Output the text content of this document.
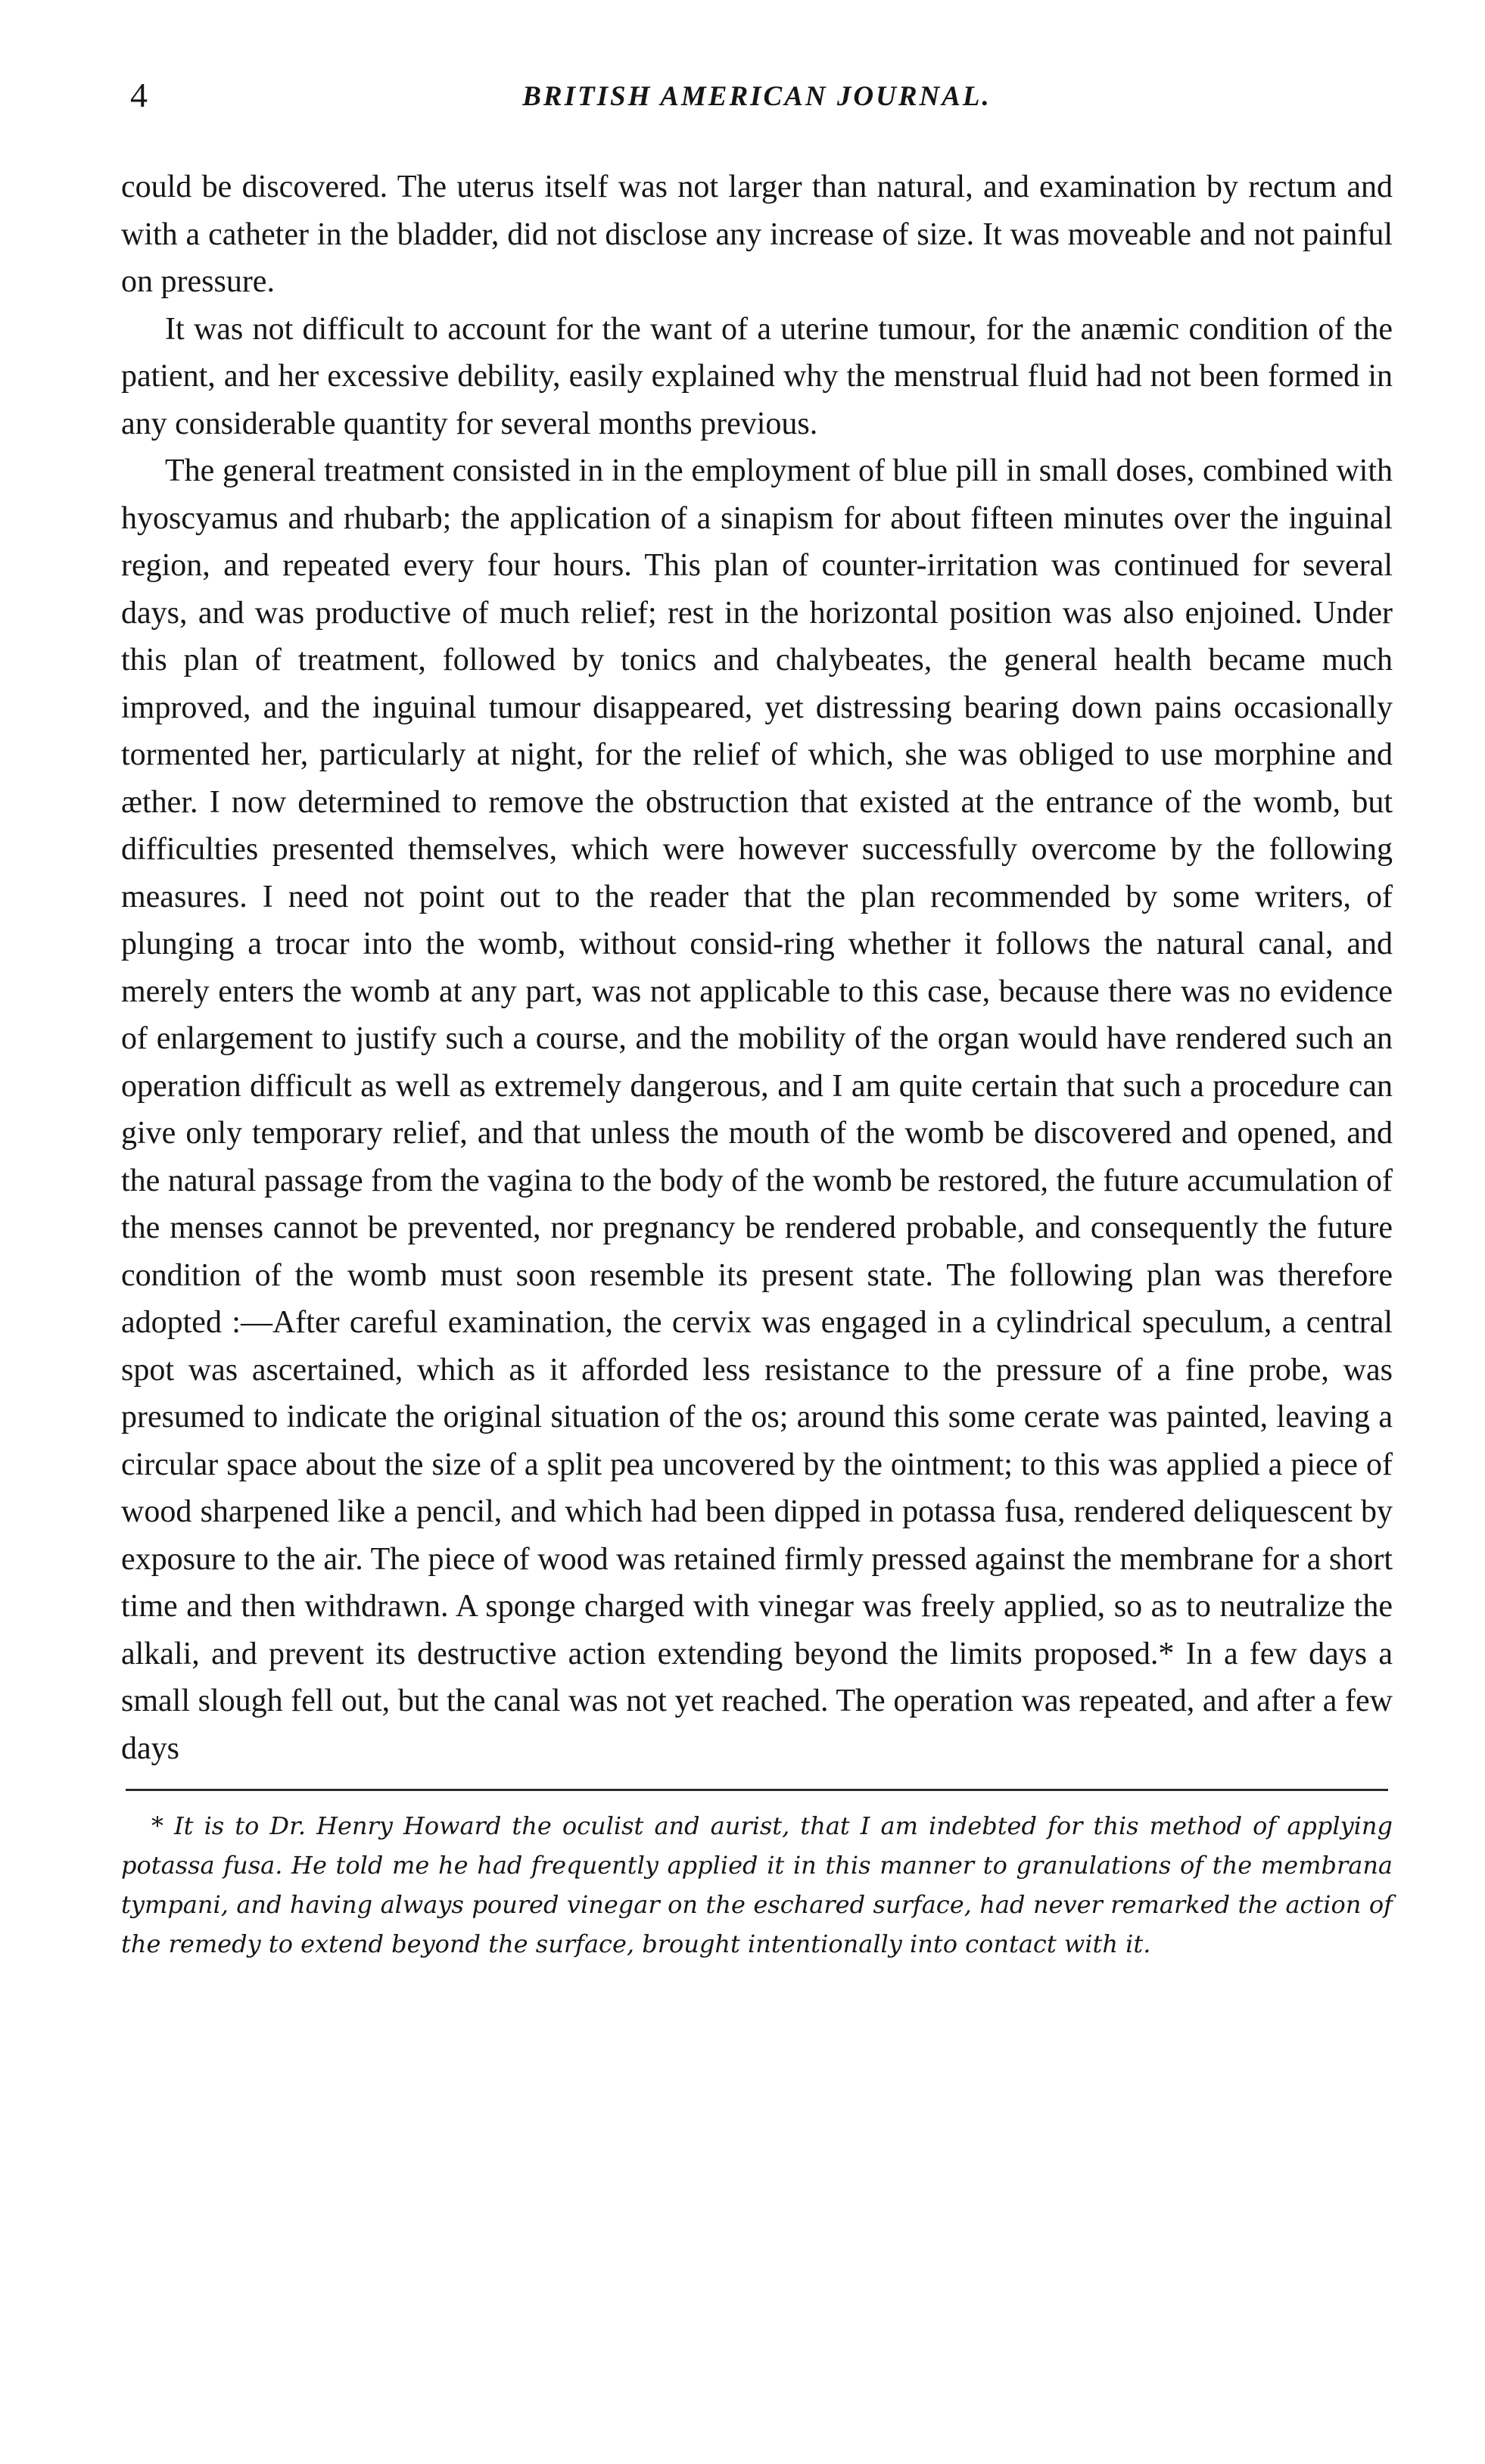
4	BRITISH AMERICAN JOURNAL.

could be discovered. The uterus itself was not larger than natural, and examination by rectum and with a catheter in the bladder, did not disclose any increase of size. It was moveable and not painful on pressure.

It was not difficult to account for the want of a uterine tumour, for the anæmic condition of the patient, and her excessive debility, easily explained why the menstrual fluid had not been formed in any considerable quantity for several months previous.

The general treatment consisted in in the employment of blue pill in small doses, combined with hyoscyamus and rhubarb; the application of a sinapism for about fifteen minutes over the inguinal region, and repeated every four hours. This plan of counter-irritation was continued for several days, and was productive of much relief; rest in the horizontal position was also enjoined. Under this plan of treatment, followed by tonics and chalybeates, the general health became much improved, and the inguinal tumour disappeared, yet distressing bearing down pains occasionally tormented her, particularly at night, for the relief of which, she was obliged to use morphine and æther. I now determined to remove the obstruction that existed at the entrance of the womb, but difficulties presented themselves, which were however successfully overcome by the following measures. I need not point out to the reader that the plan recommended by some writers, of plunging a trocar into the womb, without consid-ring whether it follows the natural canal, and merely enters the womb at any part, was not applicable to this case, because there was no evidence of enlargement to justify such a course, and the mobility of the organ would have rendered such an operation difficult as well as extremely dangerous, and I am quite certain that such a procedure can give only temporary relief, and that unless the mouth of the womb be discovered and opened, and the natural passage from the vagina to the body of the womb be restored, the future accumulation of the menses cannot be prevented, nor pregnancy be rendered probable, and consequently the future condition of the womb must soon resemble its present state. The following plan was therefore adopted :—After careful examination, the cervix was engaged in a cylindrical speculum, a central spot was ascertained, which as it afforded less resistance to the pressure of a fine probe, was presumed to indicate the original situation of the os; around this some cerate was painted, leaving a circular space about the size of a split pea uncovered by the ointment; to this was applied a piece of wood sharpened like a pencil, and which had been dipped in potassa fusa, rendered deliquescent by exposure to the air. The piece of wood was retained firmly pressed against the membrane for a short time and then withdrawn. A sponge charged with vinegar was freely applied, so as to neutralize the alkali, and prevent its destructive action extending beyond the limits proposed.* In a few days a small slough fell out, but the canal was not yet reached. The operation was repeated, and after a few days

* It is to Dr. Henry Howard the oculist and aurist, that I am indebted for this method of applying potassa fusa. He told me he had frequently applied it in this manner to granulations of the membrana tympani, and having always poured vinegar on the eschared surface, had never remarked the action of the remedy to extend beyond the surface, brought intentionally into contact with it.
